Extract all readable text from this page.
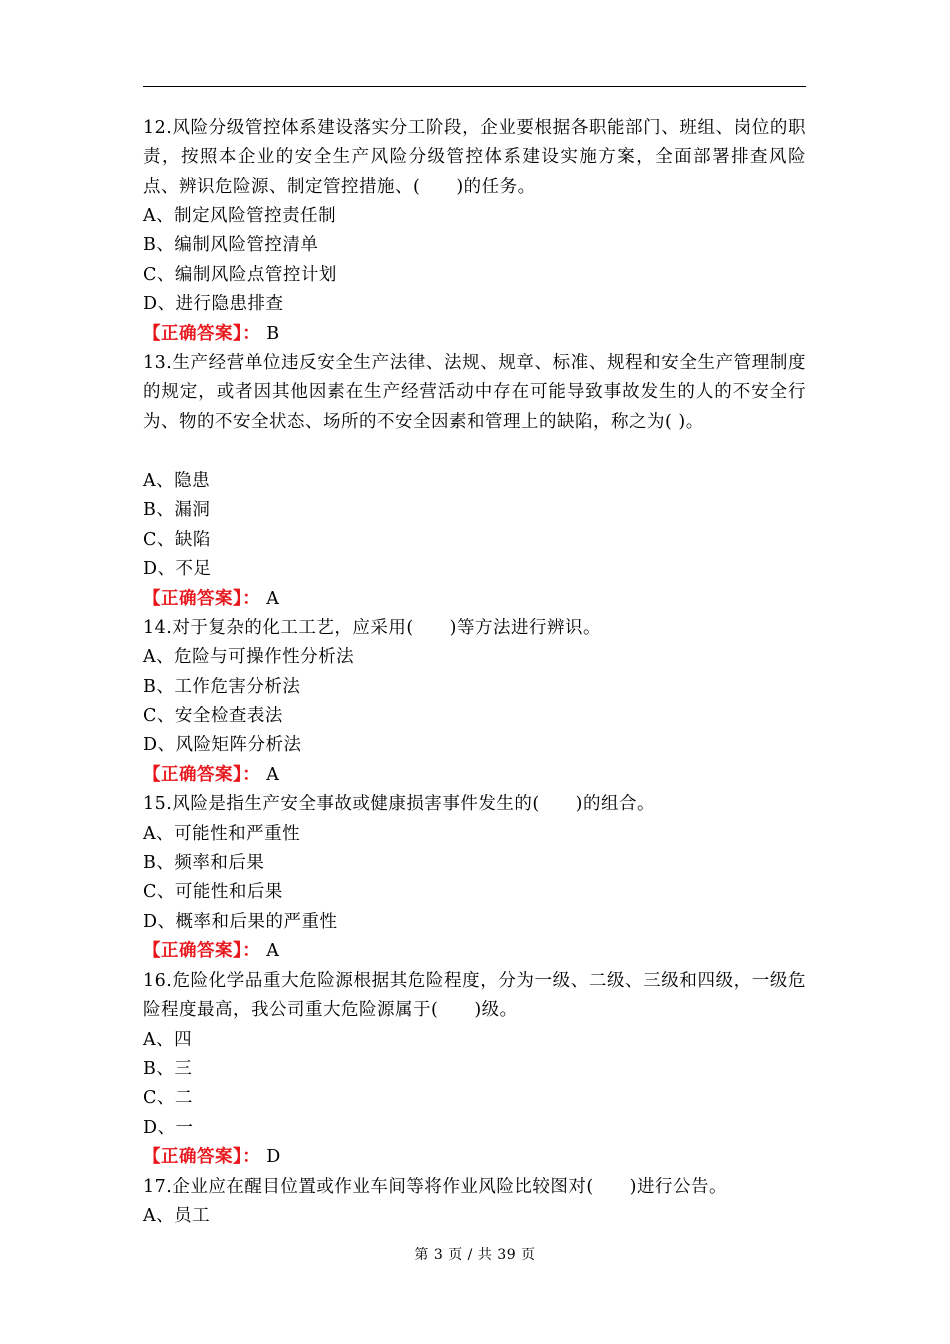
12.风险分级管控体系建设落实分工阶段，企业要根据各职能部门、班组、岗位的职责，按照本企业的安全生产风险分级管控体系建设实施方案，全面部署排查风险点、辨识危险源、制定管控措施、(　　)的任务。
A、制定风险管控责任制
B、编制风险管控清单
C、编制风险点管控计划
D、进行隐患排查
【正确答案】： B
13.生产经营单位违反安全生产法律、法规、规章、标准、规程和安全生产管理制度的规定，或者因其他因素在生产经营活动中存在可能导致事故发生的人的不安全行为、物的不安全状态、场所的不安全因素和管理上的缺陷，称之为( )。
A、隐患
B、漏洞
C、缺陷
D、不足
【正确答案】： A
14.对于复杂的化工工艺，应采用(　　)等方法进行辨识。
A、危险与可操作性分析法
B、工作危害分析法
C、安全检查表法
D、风险矩阵分析法
【正确答案】： A
15.风险是指生产安全事故或健康损害事件发生的(　　)的组合。
A、可能性和严重性
B、频率和后果
C、可能性和后果
D、概率和后果的严重性
【正确答案】： A
16.危险化学品重大危险源根据其危险程度，分为一级、二级、三级和四级，一级危险程度最高，我公司重大危险源属于(　　)级。
A、四
B、三
C、二
D、一
【正确答案】： D
17.企业应在醒目位置或作业车间等将作业风险比较图对(　　)进行公告。
A、员工
第 3 页 / 共 39 页
